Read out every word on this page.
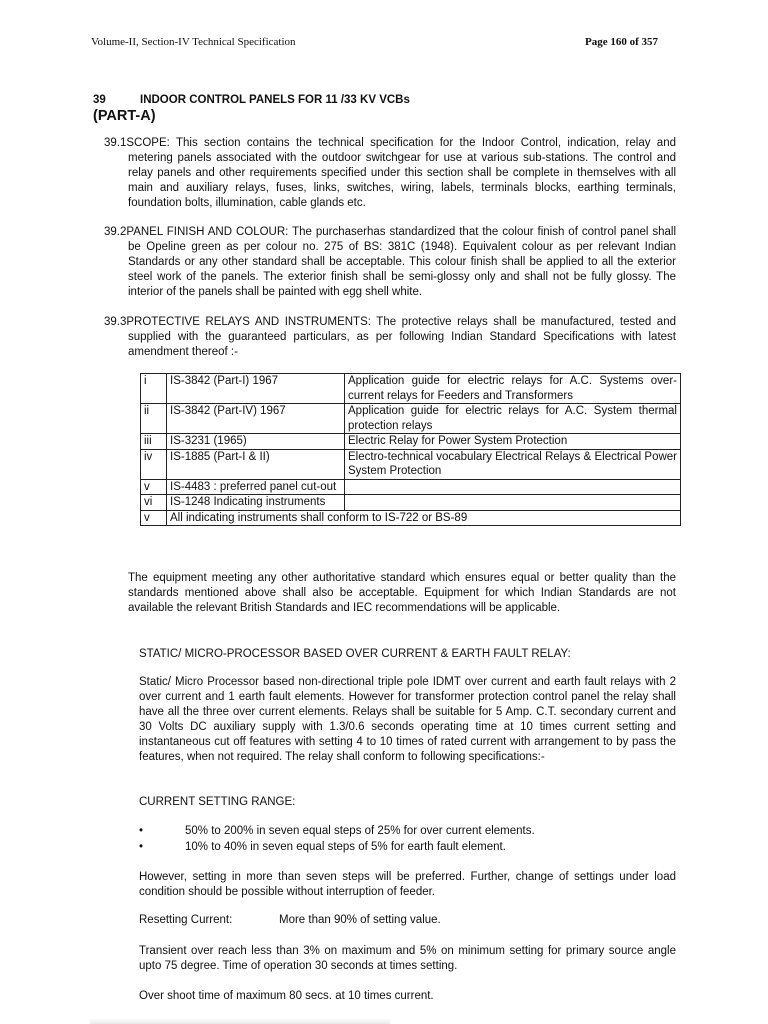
Volume-II, Section-IV Technical Specification	Page 160 of 357
39	INDOOR CONTROL PANELS FOR 11 /33 KV VCBs
(PART-A)
39.1SCOPE: This section contains the technical specification for the Indoor Control, indication, relay and metering panels associated with the outdoor switchgear for use at various sub-stations. The control and relay panels and other requirements specified under this section shall be complete in themselves with all main and auxiliary relays, fuses, links, switches, wiring, labels, terminals blocks, earthing terminals, foundation bolts, illumination, cable glands etc.
39.2PANEL FINISH AND COLOUR: The purchaserhas standardized that the colour finish of control panel shall be Opeline green as per colour no. 275 of BS: 381C (1948). Equivalent colour as per relevant Indian Standards or any other standard shall be acceptable. This colour finish shall be applied to all the exterior steel work of the panels. The exterior finish shall be semi-glossy only and shall not be fully glossy. The interior of the panels shall be painted with egg shell white.
39.3PROTECTIVE RELAYS AND INSTRUMENTS: The protective relays shall be manufactured, tested and supplied with the guaranteed particulars, as per following Indian Standard Specifications with latest amendment thereof :-
i	IS-3842 (Part-I) 1967	Application guide for electric relays for A.C. Systems over-current relays for Feeders and Transformers
ii	IS-3842 (Part-IV) 1967	Application guide for electric relays for A.C. System thermal protection relays
iii	IS-3231 (1965)	Electric Relay for Power System Protection
iv	IS-1885 (Part-I & II)	Electro-technical vocabulary Electrical Relays & Electrical Power System Protection
v	IS-4483 : preferred panel cut-out	
vi	IS-1248 Indicating instruments	
v	All indicating instruments shall conform to IS-722 or BS-89	
The equipment meeting any other authoritative standard which ensures equal or better quality than the standards mentioned above shall also be acceptable. Equipment for which Indian Standards are not available the relevant British Standards and IEC recommendations will be applicable.
STATIC/ MICRO-PROCESSOR BASED OVER CURRENT & EARTH FAULT RELAY:
Static/ Micro Processor based non-directional triple pole IDMT over current and earth fault relays with 2 over current and 1 earth fault elements. However for transformer protection control panel the relay shall have all the three over current elements. Relays shall be suitable for 5 Amp. C.T. secondary current and 30 Volts DC auxiliary supply with 1.3/0.6 seconds operating time at 10 times current setting and instantaneous cut off features with setting 4 to 10 times of rated current with arrangement to by pass the features, when not required. The relay shall conform to following specifications:-
CURRENT SETTING RANGE:
•	50% to 200% in seven equal steps of 25% for over current elements.
•	10% to 40% in seven equal steps of 5% for earth fault element.
However, setting in more than seven steps will be preferred. Further, change of settings under load condition should be possible without interruption of feeder.
Resetting Current:	More than 90% of setting value.
Transient over reach less than 3% on maximum and 5% on minimum setting for primary source angle upto 75 degree. Time of operation 30 seconds at times setting.
Over shoot time of maximum 80 secs. at 10 times current.
